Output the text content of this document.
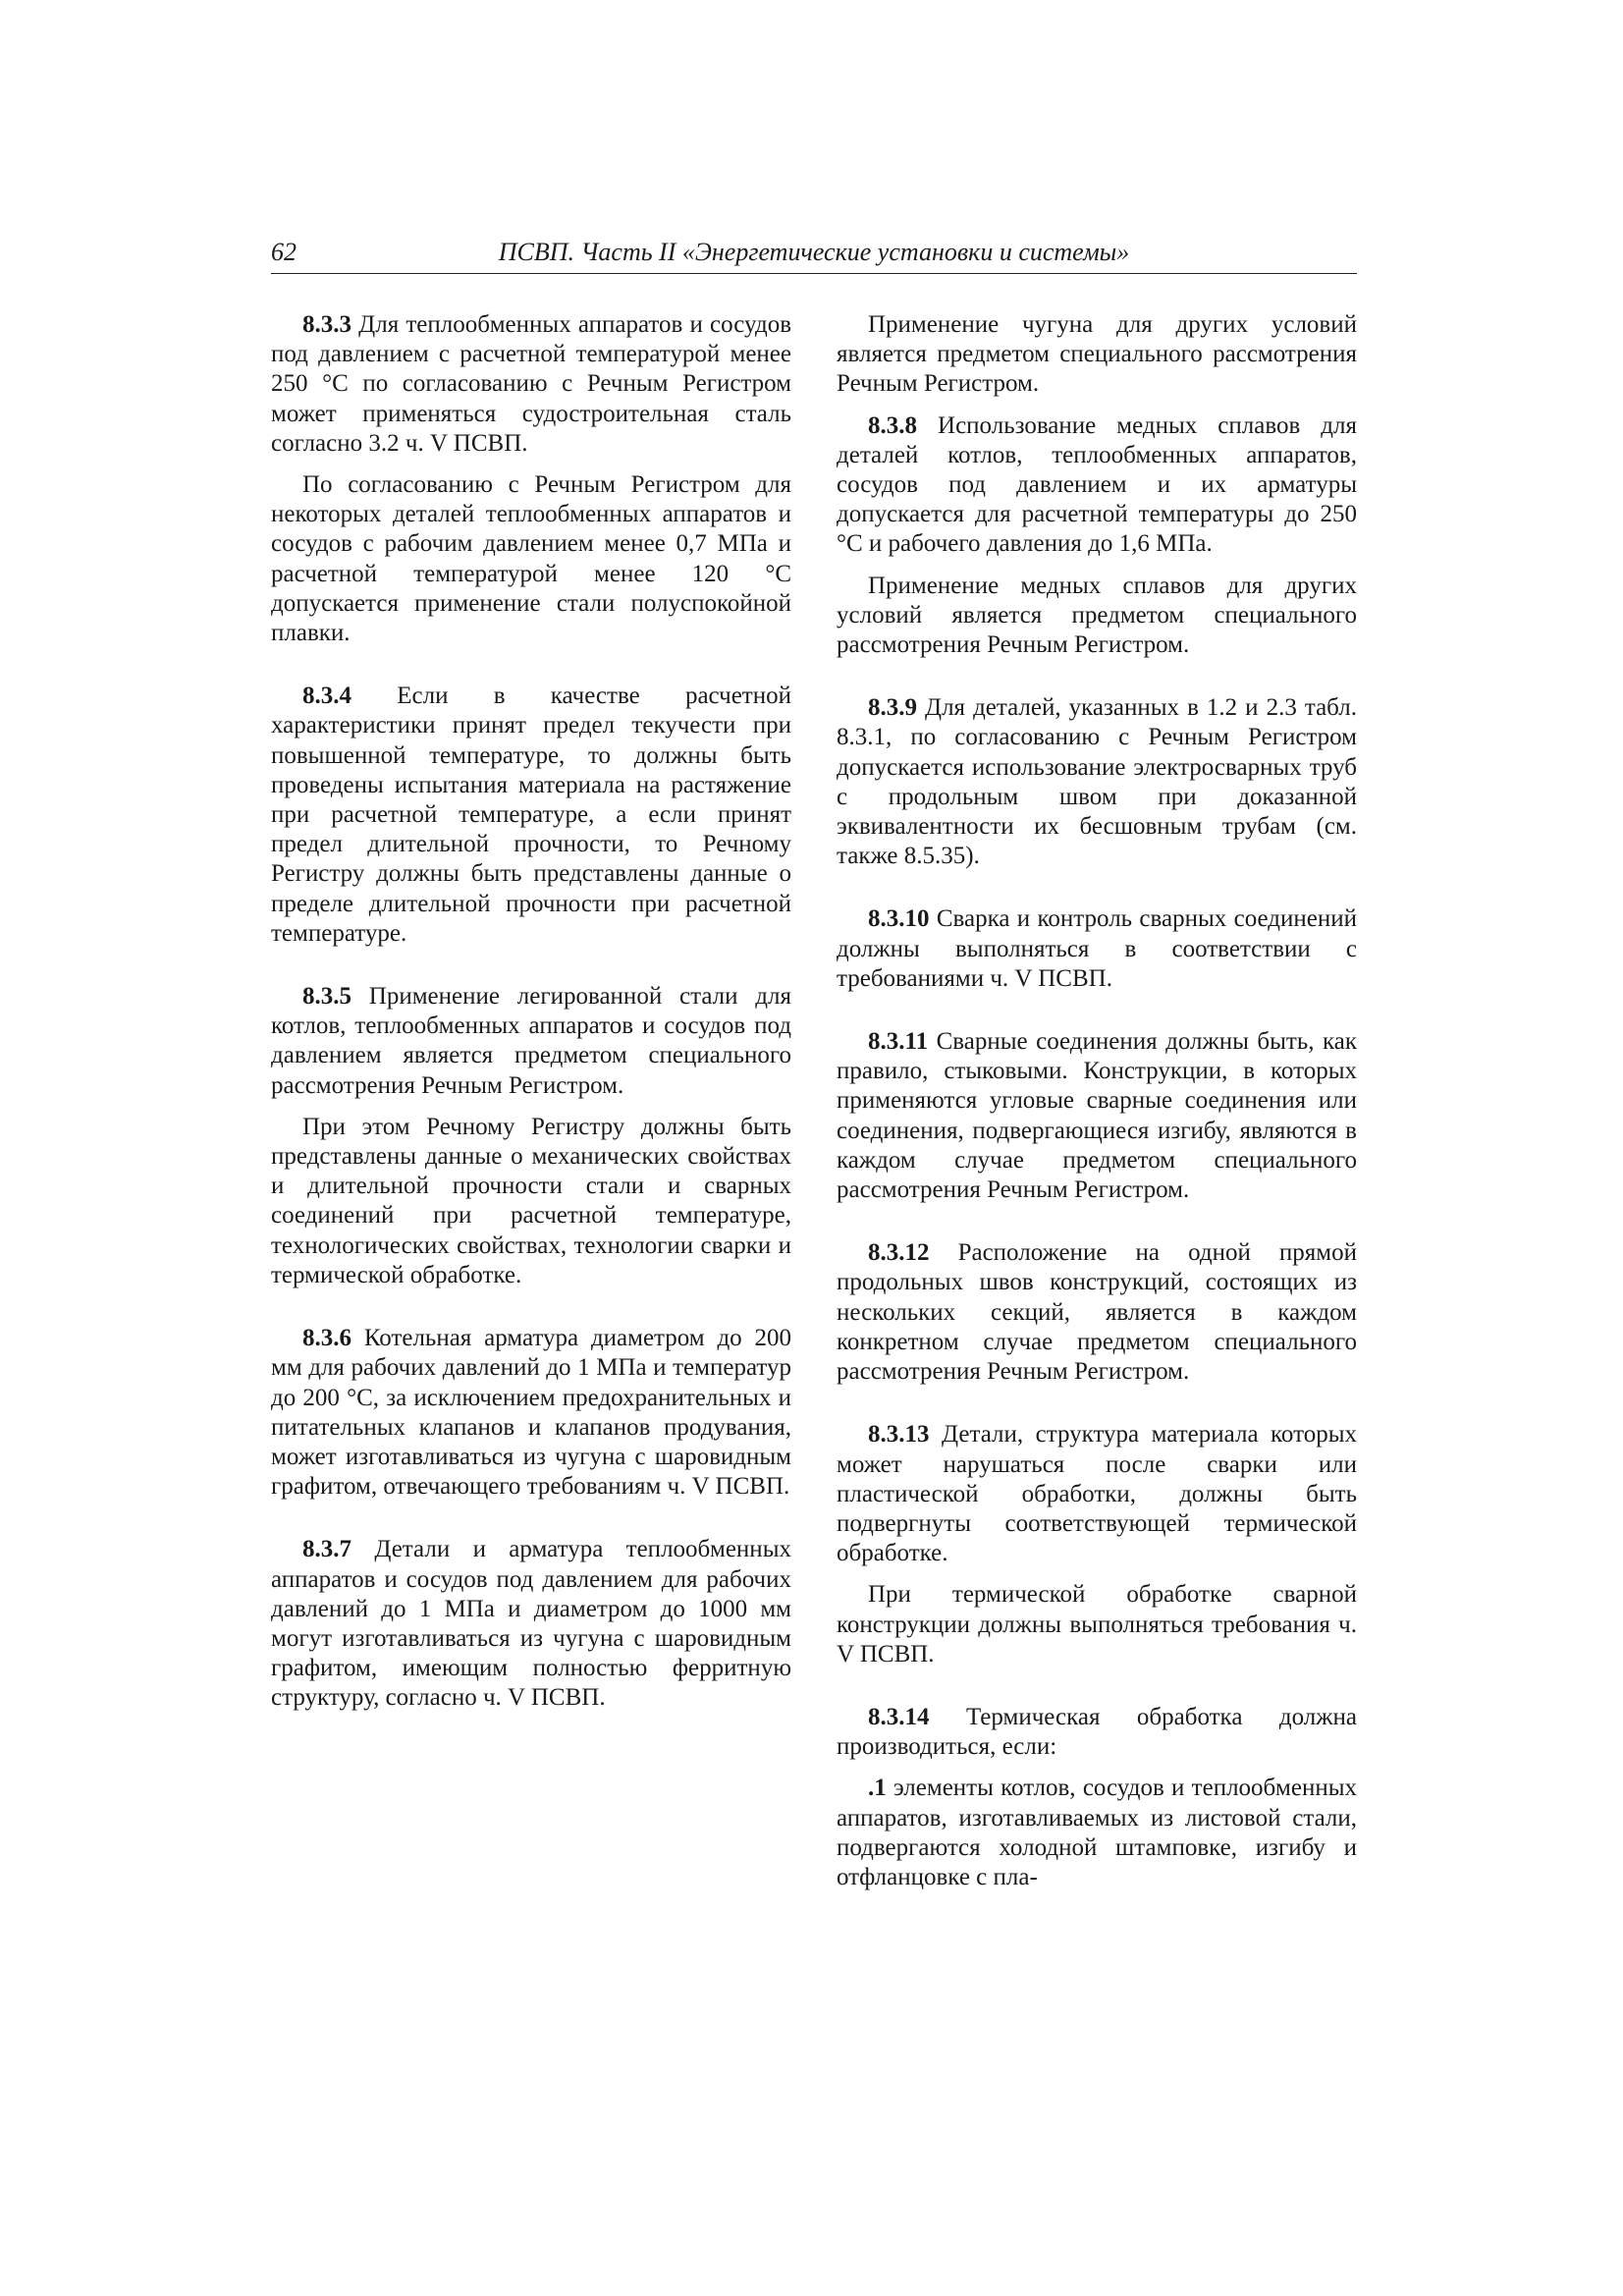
62	ПСВП. Часть II «Энергетические установки и системы»

8.3.3 Для теплообменных аппаратов и сосудов под давлением с расчетной температурой менее 250 °С по согласованию с Речным Регистром может применяться судостроительная сталь согласно 3.2 ч. V ПСВП.

По согласованию с Речным Регистром для некоторых деталей теплообменных аппаратов и сосудов с рабочим давлением менее 0,7 МПа и расчетной температурой менее 120 °С допускается применение стали полуспокойной плавки.

8.3.4 Если в качестве расчетной характеристики принят предел текучести при повышенной температуре, то должны быть проведены испытания материала на растяжение при расчетной температуре, а если принят предел длительной прочности, то Речному Регистру должны быть представлены данные о пределе длительной прочности при расчетной температуре.

8.3.5 Применение легированной стали для котлов, теплообменных аппаратов и сосудов под давлением является предметом специального рассмотрения Речным Регистром.

При этом Речному Регистру должны быть представлены данные о механических свойствах и длительной прочности стали и сварных соединений при расчетной температуре, технологических свойствах, технологии сварки и термической обработке.

8.3.6 Котельная арматура диаметром до 200 мм для рабочих давлений до 1 МПа и температур до 200 °С, за исключением предохранительных и питательных клапанов и клапанов продувания, может изготавливаться из чугуна с шаровидным графитом, отвечающего требованиям ч. V ПСВП.

8.3.7 Детали и арматура теплообменных аппаратов и сосудов под давлением для рабочих давлений до 1 МПа и диаметром до 1000 мм могут изготавливаться из чугуна с шаровидным графитом, имеющим полностью ферритную структуру, согласно ч. V ПСВП.

Применение чугуна для других условий является предметом специального рассмотрения Речным Регистром.

8.3.8 Использование медных сплавов для деталей котлов, теплообменных аппаратов, сосудов под давлением и их арматуры допускается для расчетной температуры до 250 °С и рабочего давления до 1,6 МПа.

Применение медных сплавов для других условий является предметом специального рассмотрения Речным Регистром.

8.3.9 Для деталей, указанных в 1.2 и 2.3 табл. 8.3.1, по согласованию с Речным Регистром допускается использование электросварных труб с продольным швом при доказанной эквивалентности их бесшовным трубам (см. также 8.5.35).

8.3.10 Сварка и контроль сварных соединений должны выполняться в соответствии с требованиями ч. V ПСВП.

8.3.11 Сварные соединения должны быть, как правило, стыковыми. Конструкции, в которых применяются угловые сварные соединения или соединения, подвергающиеся изгибу, являются в каждом случае предметом специального рассмотрения Речным Регистром.

8.3.12 Расположение на одной прямой продольных швов конструкций, состоящих из нескольких секций, является в каждом конкретном случае предметом специального рассмотрения Речным Регистром.

8.3.13 Детали, структура материала которых может нарушаться после сварки или пластической обработки, должны быть подвергнуты соответствующей термической обработке.

При термической обработке сварной конструкции должны выполняться требования ч. V ПСВП.

8.3.14 Термическая обработка должна производиться, если:

.1 элементы котлов, сосудов и теплообменных аппаратов, изготавливаемых из листовой стали, подвергаются холодной штамповке, изгибу и отфланцовке с пла-
